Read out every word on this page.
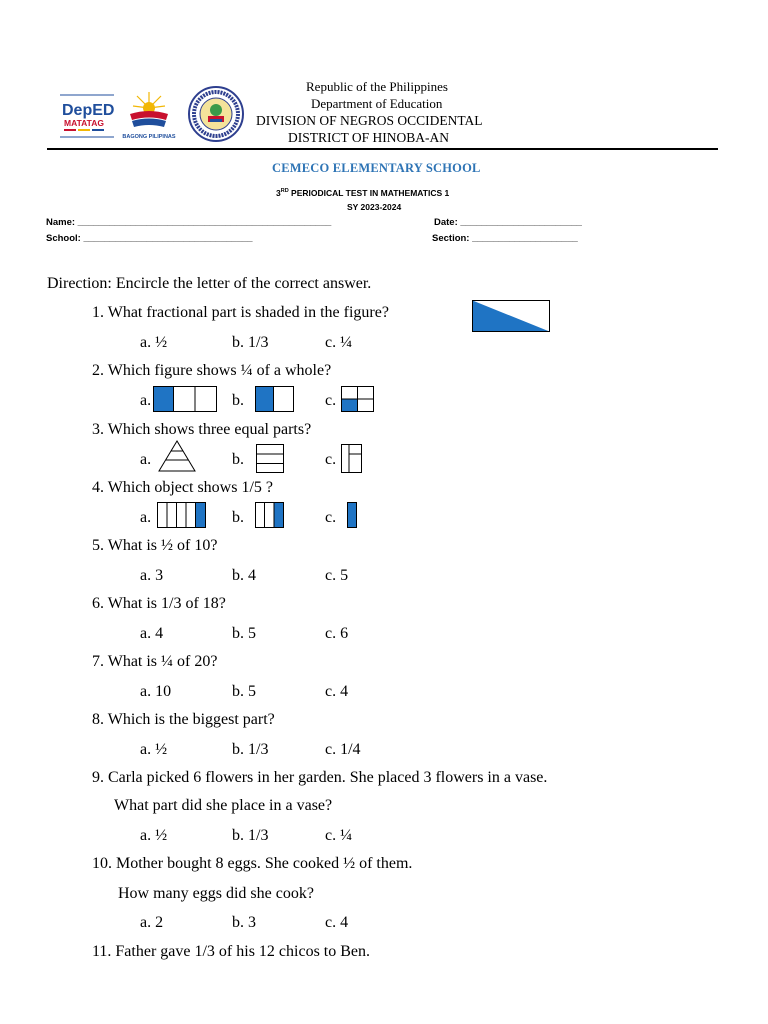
DepED
MATATAG
BAGONG PILIPINAS
Republic of the Philippines
Department of Education
DIVISION OF NEGROS OCCIDENTAL
DISTRICT OF HINOBA-AN
CEMECO ELEMENTARY SCHOOL
3RD PERIODICAL TEST IN MATHEMATICS 1
SY 2023-2024
Name: ________________________________________________	Date: _______________________
School: ________________________________	Section: ____________________
Direction: Encircle the letter of the correct answer.
1. What fractional part is shaded in the figure?
a. ½	b. 1/3	c. ¼
2. Which figure shows ¼ of a whole?
a.	b.	c.
3. Which shows three equal parts?
a.	b.	c.
4. Which object shows 1/5 ?
a.	b.	c.
5. What is ½ of 10?
a. 3	b. 4	c. 5
6. What is 1/3 of 18?
a. 4	b. 5	c. 6
7. What is ¼ of 20?
a. 10	b. 5	c. 4
8. Which is the biggest part?
a. ½	b. 1/3	c. 1/4
9. Carla picked 6 flowers in her garden. She placed 3 flowers in a vase.
What part did she place in a vase?
a. ½	b. 1/3	c. ¼
10. Mother bought 8 eggs. She cooked ½ of them.
How many eggs did she cook?
a. 2	b. 3	c. 4
11. Father gave 1/3 of his 12 chicos to Ben.
